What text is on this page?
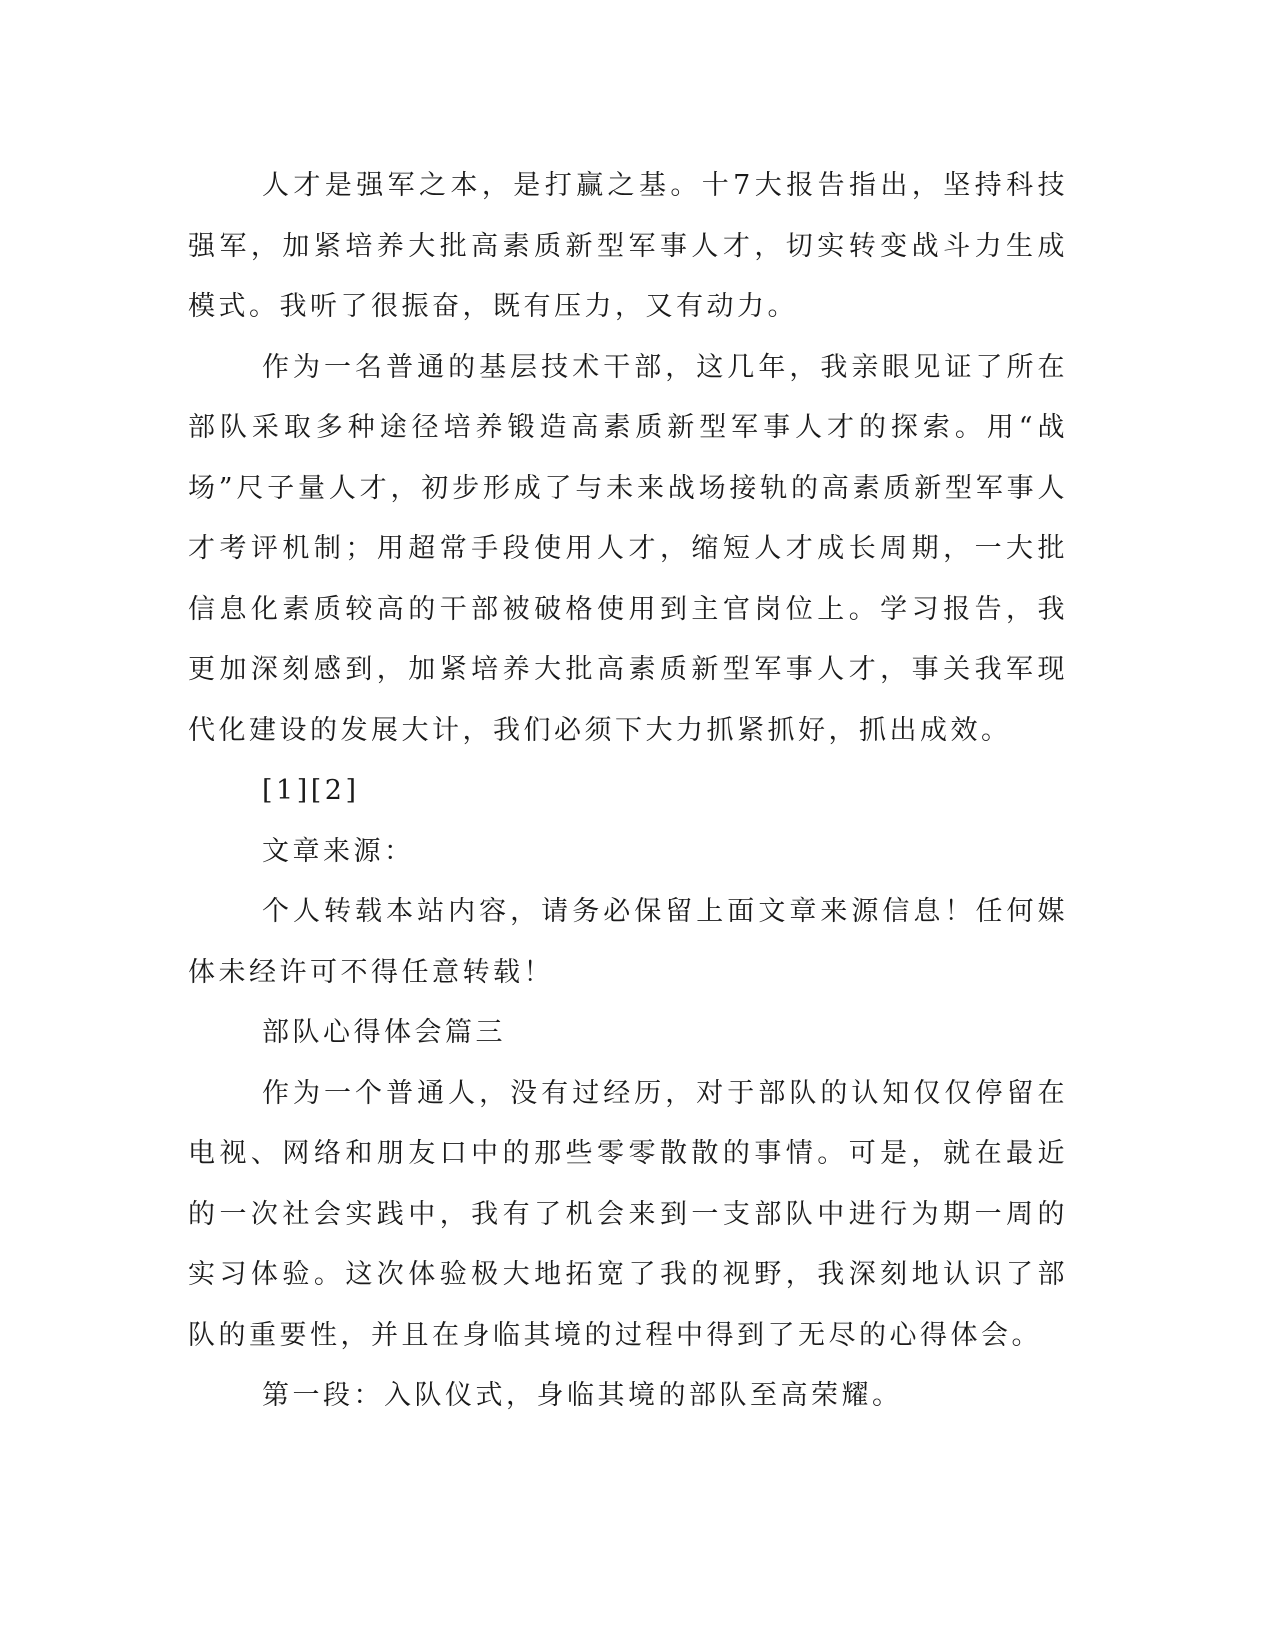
人才是强军之本，是打赢之基。十7大报告指出，坚持科技强军，加紧培养大批高素质新型军事人才，切实转变战斗力生成模式。我听了很振奋，既有压力，又有动力。

作为一名普通的基层技术干部，这几年，我亲眼见证了所在部队采取多种途径培养锻造高素质新型军事人才的探索。用“战场”尺子量人才，初步形成了与未来战场接轨的高素质新型军事人才考评机制；用超常手段使用人才，缩短人才成长周期，一大批信息化素质较高的干部被破格使用到主官岗位上。学习报告，我更加深刻感到，加紧培养大批高素质新型军事人才，事关我军现代化建设的发展大计，我们必须下大力抓紧抓好，抓出成效。

[1][2]

文章来源：

个人转载本站内容，请务必保留上面文章来源信息！任何媒体未经许可不得任意转载！

部队心得体会篇三

作为一个普通人，没有过经历，对于部队的认知仅仅停留在电视、网络和朋友口中的那些零零散散的事情。可是，就在最近的一次社会实践中，我有了机会来到一支部队中进行为期一周的实习体验。这次体验极大地拓宽了我的视野，我深刻地认识了部队的重要性，并且在身临其境的过程中得到了无尽的心得体会。

第一段：入队仪式，身临其境的部队至高荣耀。
